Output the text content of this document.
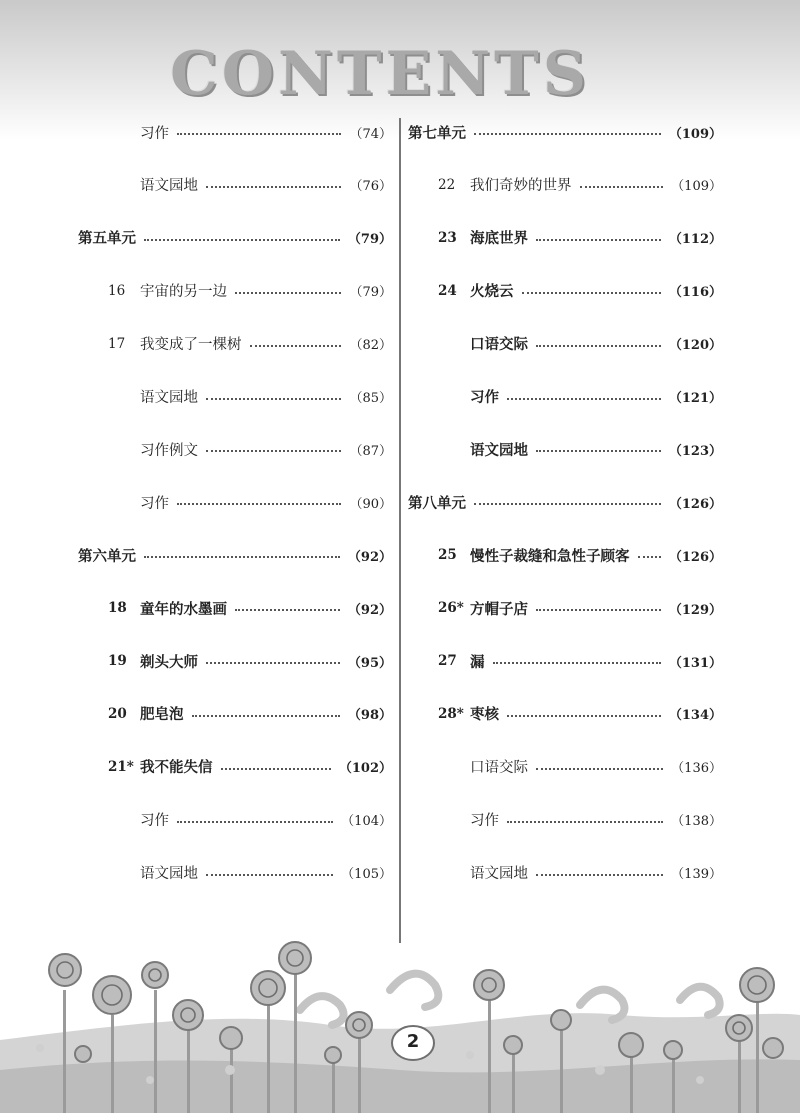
CONTENTS
习作	（74）
语文园地	（76）
第五单元	（79）
16	宇宙的另一边	（79）
17	我变成了一棵树	（82）
语文园地	（85）
习作例文	（87）
习作	（90）
第六单元	（92）
18 童年的水墨画	（92）
19 剃头大师	（95）
20 肥皂泡	（98）
21* 我不能失信	（102）
习作	（104）
语文园地	（105）
第七单元	（109）
22	我们奇妙的世界	（109）
23 海底世界	（112）
24 火烧云	（116）
口语交际	（120）
习作	（121）
语文园地	（123）
第八单元	（126）
25 慢性子裁缝和急性子顾客	（126）
26* 方帽子店	（129）
27 漏	（131）
28* 枣核	（134）
口语交际	（136）
习作	（138）
语文园地	（139）
2
